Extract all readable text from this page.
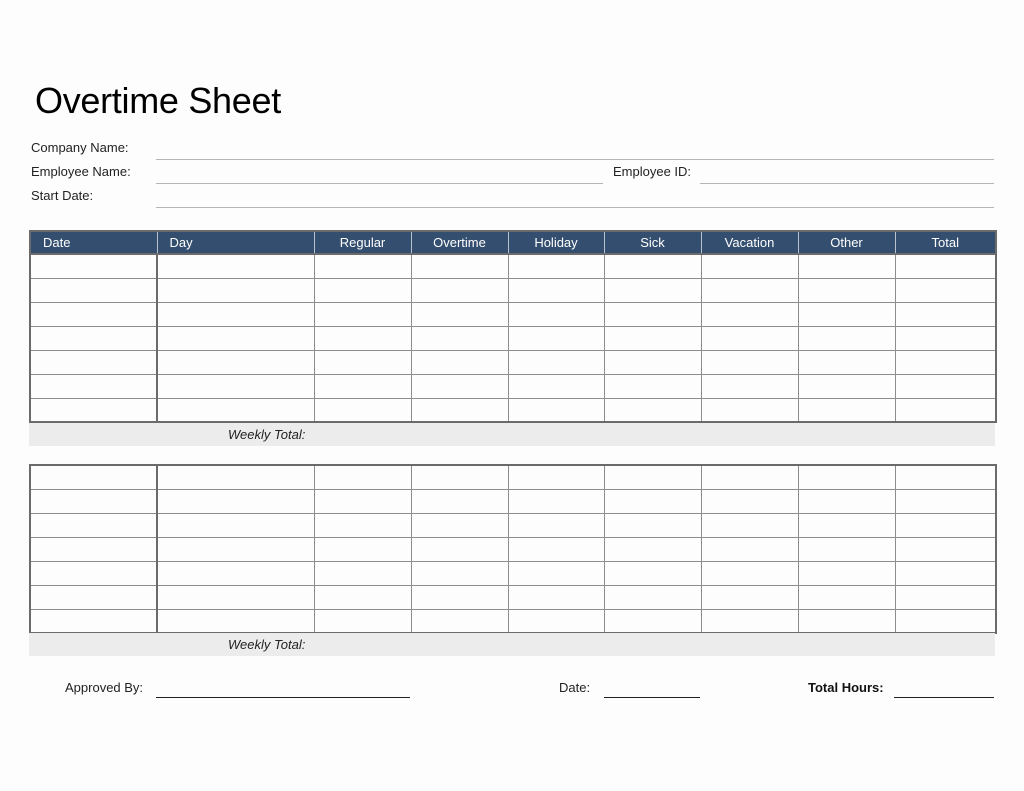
Overtime Sheet
Company Name:
Employee Name:	Employee ID:
Start Date:
Date	Day	Regular	Overtime	Holiday	Sick	Vacation	Other	Total

Weekly Total:

Weekly Total:
Approved By:	Date:	Total Hours:
